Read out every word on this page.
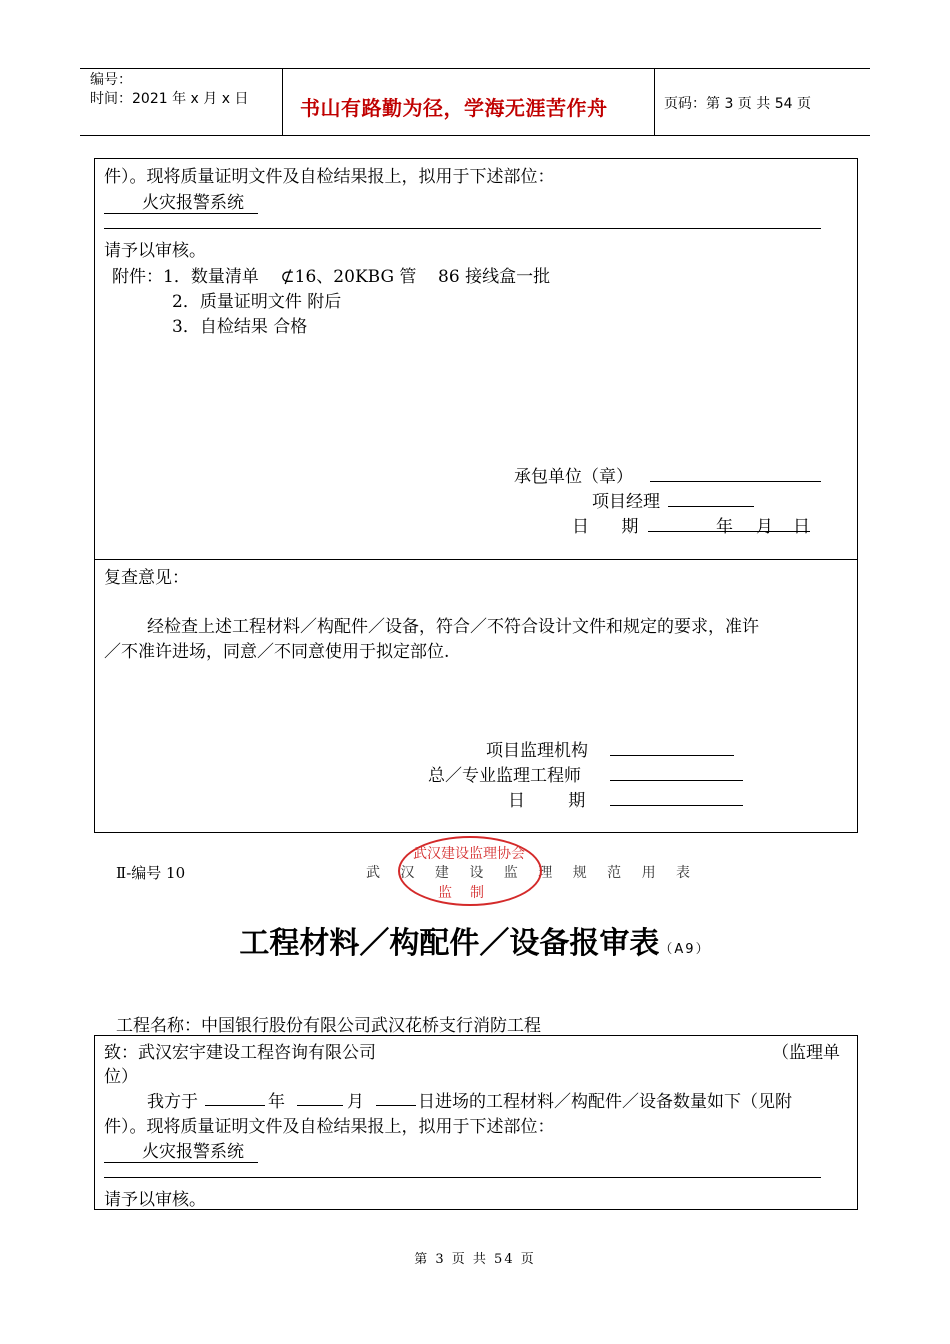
编号：
时间：2021 年 x 月 x 日	书山有路勤为径，学海无涯苦作舟	页码：第 3 页 共 54 页
件）。现将质量证明文件及自检结果报上，拟用于下述部位：
火灾报警系统
请予以审核。
附件：1．数量清单    ⊄16、20KBG 管    86 接线盒一批
2．质量证明文件 附后
3．自检结果 合格
承包单位（章）
项目经理
日      期	年 月 日
复查意见：
经检查上述工程材料／构配件／设备，符合／不符合设计文件和规定的要求，准许
／不准许进场，同意／不同意使用于拟定部位.
项目监理机构
总／专业监理工程师
日        期
Ⅱ-编号 10	武 汉 建 设 监 理 规 范 用 表
武汉建设监理协会
监制
工程材料／构配件／设备报审表（A9）
工程名称：中国银行股份有限公司武汉花桥支行消防工程
致：武汉宏宇建设工程咨询有限公司	（监理单
位）
我方于	年	月	日进场的工程材料／构配件／设备数量如下（见附
件）。现将质量证明文件及自检结果报上，拟用于下述部位：
火灾报警系统
请予以审核。
第 3 页 共 54 页
